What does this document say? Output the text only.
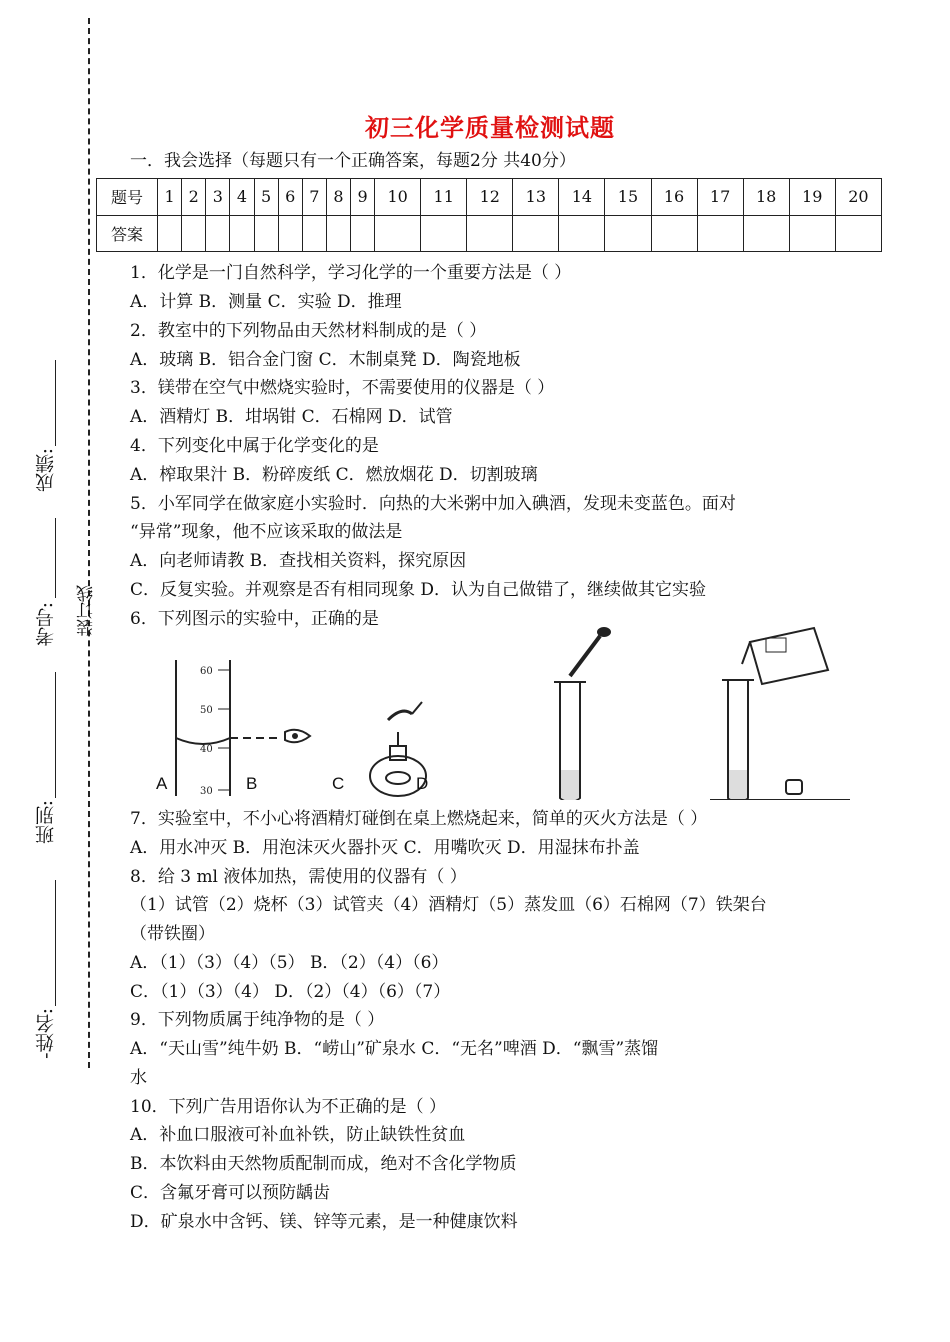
成绩:
考号: 装订线
班别:
-姓名:
初三化学质量检测试题
一．我会选择（每题只有一个正确答案，每题2分 共40分）
题号	1	2	3	4	5	6	7	8	9	10	11	12	13	14	15	16	17	18	19	20
答案																				
1．化学是一门自然科学，学习化学的一个重要方法是（ ）
A．计算 B．测量 C．实验 D．推理
2．教室中的下列物品由天然材料制成的是（ ）
A．玻璃 B．铝合金门窗 C．木制桌凳 D．陶瓷地板
3．镁带在空气中燃烧实验时，不需要使用的仪器是（ ）
A．酒精灯 B．坩埚钳 C．石棉网 D．试管
4．下列变化中属于化学变化的是
A．榨取果汁 B．粉碎废纸 C．燃放烟花 D．切割玻璃
5．小军同学在做家庭小实验时．向热的大米粥中加入碘酒，发现未变蓝色。面对
“异常”现象，他不应该采取的做法是
A．向老师请教 B．查找相关资料，探究原因
C．反复实验。并观察是否有相同现象 D．认为自己做错了，继续做其它实验
6．下列图示的实验中，正确的是
60
50
40
30
A	B	C	D
7．实验室中，不小心将酒精灯碰倒在桌上燃烧起来，简单的灭火方法是（ ）
A．用水冲灭 B．用泡沫灭火器扑灭 C．用嘴吹灭 D．用湿抹布扑盖
8．给 3 ml 液体加热，需使用的仪器有（ ）
（1）试管（2）烧杯（3）试管夹（4）酒精灯（5）蒸发皿（6）石棉网（7）铁架台
（带铁圈）
A．（1）（3）（4）（5） B．（2）（4）（6）
C．（1）（3）（4） D．（2）（4）（6）（7）
9．下列物质属于纯净物的是（ ）
A．“天山雪”纯牛奶 B．“崂山”矿泉水 C．“无名”啤酒 D．“飘雪”蒸馏
水
10．下列广告用语你认为不正确的是（ ）
A．补血口服液可补血补铁，防止缺铁性贫血
B．本饮料由天然物质配制而成，绝对不含化学物质
C．含氟牙膏可以预防龋齿
D．矿泉水中含钙、镁、锌等元素，是一种健康饮料
